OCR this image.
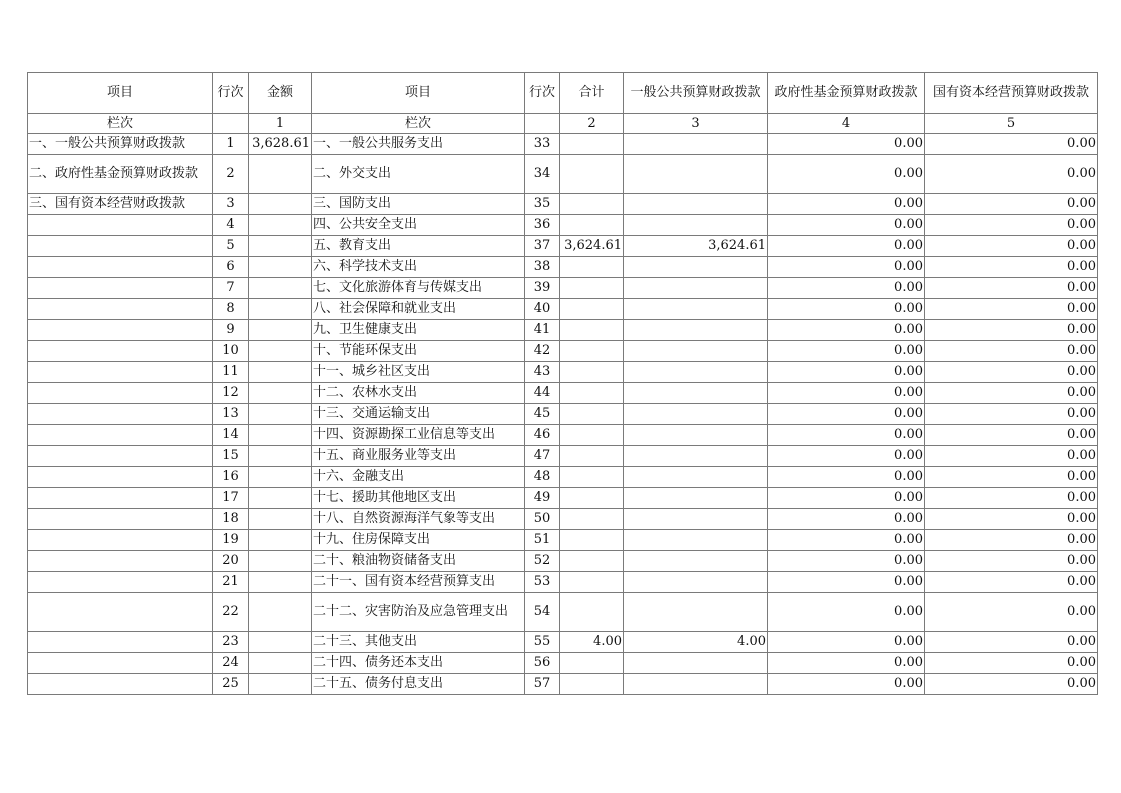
项目	行次	金额	项目	行次	合计	一般公共预算财政拨款	政府性基金预算财政拨款	国有资本经营预算财政拨款
栏次		1	栏次		2	3	4	5
一、一般公共预算财政拨款	1	3,628.61	一、一般公共服务支出	33			0.00	0.00
二、政府性基金预算财政拨款	2		二、外交支出	34			0.00	0.00
三、国有资本经营财政拨款	3		三、国防支出	35			0.00	0.00
	4		四、公共安全支出	36			0.00	0.00
	5		五、教育支出	37	3,624.61	3,624.61	0.00	0.00
	6		六、科学技术支出	38			0.00	0.00
	7		七、文化旅游体育与传媒支出	39			0.00	0.00
	8		八、社会保障和就业支出	40			0.00	0.00
	9		九、卫生健康支出	41			0.00	0.00
	10		十、节能环保支出	42			0.00	0.00
	11		十一、城乡社区支出	43			0.00	0.00
	12		十二、农林水支出	44			0.00	0.00
	13		十三、交通运输支出	45			0.00	0.00
	14		十四、资源勘探工业信息等支出	46			0.00	0.00
	15		十五、商业服务业等支出	47			0.00	0.00
	16		十六、金融支出	48			0.00	0.00
	17		十七、援助其他地区支出	49			0.00	0.00
	18		十八、自然资源海洋气象等支出	50			0.00	0.00
	19		十九、住房保障支出	51			0.00	0.00
	20		二十、粮油物资储备支出	52			0.00	0.00
	21		二十一、国有资本经营预算支出	53			0.00	0.00
	22		二十二、灾害防治及应急管理支出	54			0.00	0.00
	23		二十三、其他支出	55	4.00	4.00	0.00	0.00
	24		二十四、债务还本支出	56			0.00	0.00
	25		二十五、债务付息支出	57			0.00	0.00
